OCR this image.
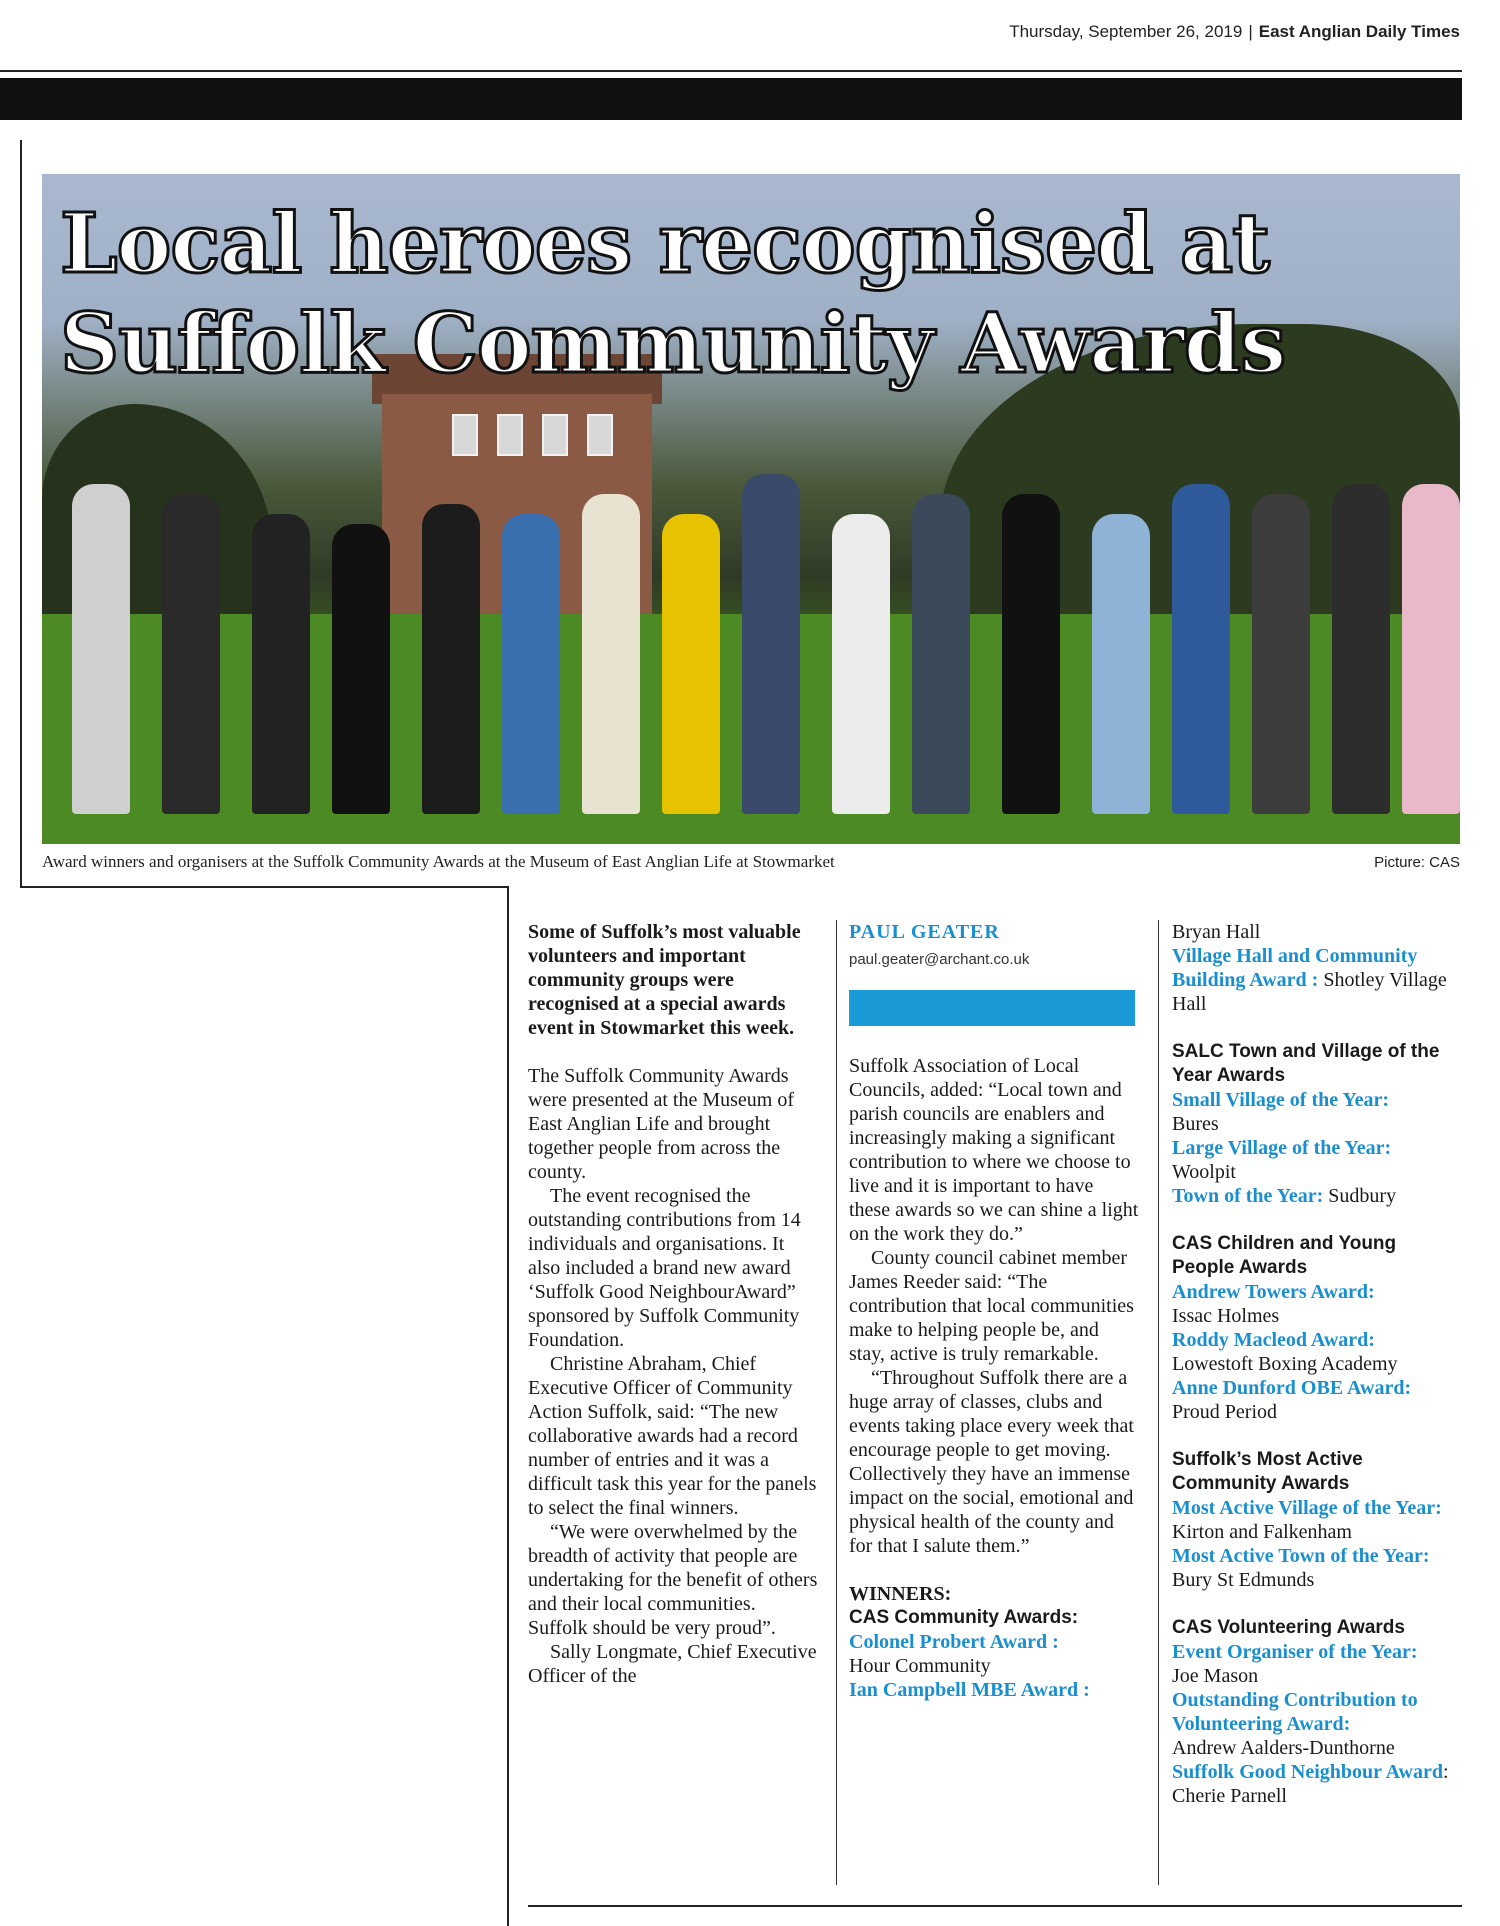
Thursday, September 26, 2019 | East Anglian Daily Times
Local heroes recognised at
Suffolk Community Awards
Award winners and organisers at the Suffolk Community Awards at the Museum of East Anglian Life at Stowmarket	Picture: CAS

Some of Suffolk’s most valuable volunteers and important community groups were recognised at a special awards event in Stowmarket this week.

The Suffolk Community Awards were presented at the Museum of East Anglian Life and brought together people from across the county.

The event recognised the outstanding contributions from 14 individuals and organisations. It also included a brand new award ‘Suffolk Good NeighbourAward” sponsored by Suffolk Community Foundation.

Christine Abraham, Chief Executive Officer of Community Action Suffolk, said: “The new collaborative awards had a record number of entries and it was a difficult task this year for the panels to select the final winners.

“We were overwhelmed by the breadth of activity that people are undertaking for the benefit of others and their local communities. Suffolk should be very proud”.

Sally Longmate, Chief Executive Officer of the

PAUL GEATER
paul.geater@archant.co.uk

Suffolk Association of Local Councils, added: “Local town and parish councils are enablers and increasingly making a significant contribution to where we choose to live and it is important to have these awards so we can shine a light on the work they do.”

County council cabinet member James Reeder said: “The contribution that local communities make to helping people be, and stay, active is truly remarkable.

“Throughout Suffolk there are a huge array of classes, clubs and events taking place every week that encourage people to get moving. Collectively they have an immense impact on the social, emotional and physical health of the county and for that I salute them.”

WINNERS:

CAS Community Awards:

Colonel Probert Award :

Hour Community

Ian Campbell MBE Award :

Bryan Hall

Village Hall and Community Building Award : Shotley Village Hall

SALC Town and Village of the Year Awards

Small Village of the Year:

Bures

Large Village of the Year:

Woolpit

Town of the Year: Sudbury

CAS Children and Young People Awards

Andrew Towers Award:

Issac Holmes

Roddy Macleod Award:

Lowestoft Boxing Academy

Anne Dunford OBE Award:

Proud Period

Suffolk’s Most Active Community Awards

Most Active Village of the Year: Kirton and Falkenham

Most Active Town of the Year: Bury St Edmunds

CAS Volunteering Awards

Event Organiser of the Year:

Joe Mason

Outstanding Contribution to Volunteering Award:

Andrew Aalders-Dunthorne

Suffolk Good Neighbour Award: Cherie Parnell
